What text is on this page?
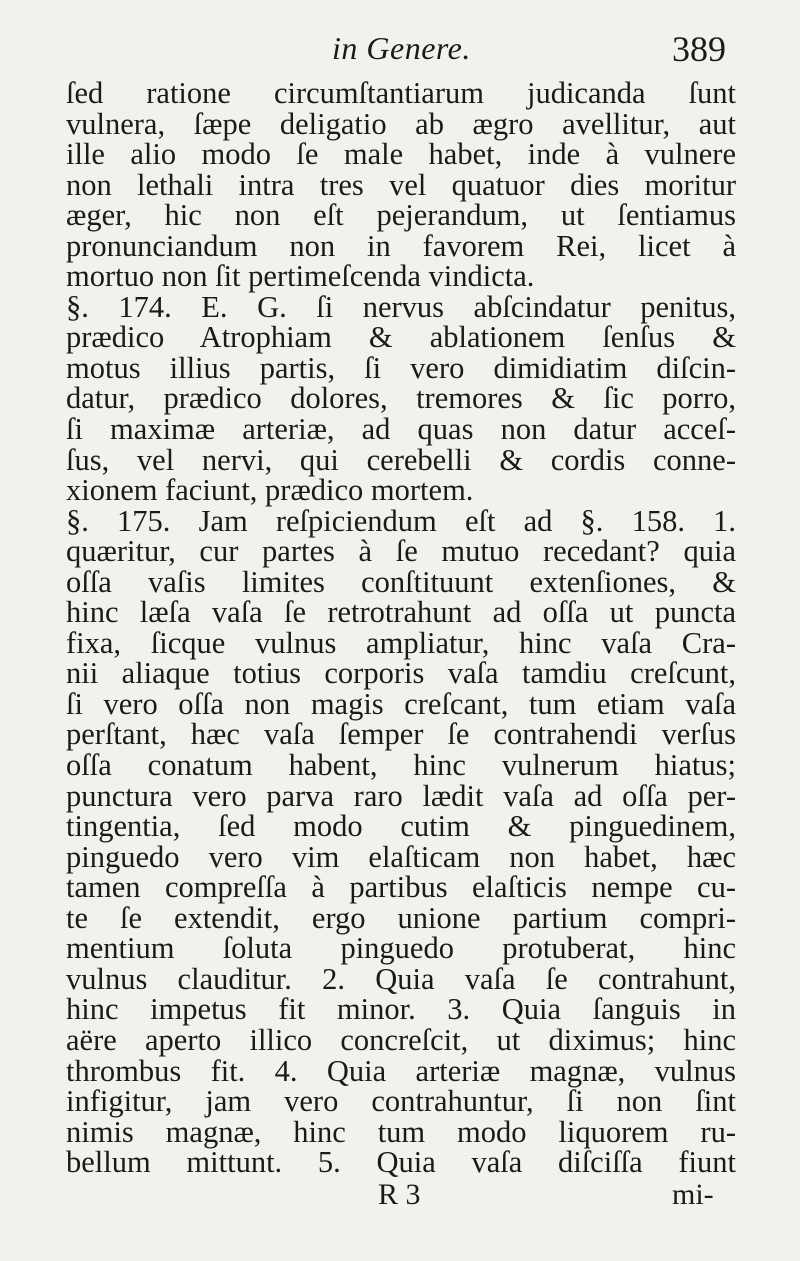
in Genere.	389
ſed ratione circumſtantiarum judicanda ſunt
vulnera, ſæpe deligatio ab ægro avellitur, aut
ille alio modo ſe male habet, inde à vulnere
non lethali intra tres vel quatuor dies moritur
æger, hic non eſt pejerandum, ut ſentiamus
pronunciandum non in favorem Rei, licet à
mortuo non ſit pertimeſcenda vindicta.
§. 174. E. G. ſi nervus abſcindatur penitus,
prædico Atrophiam & ablationem ſenſus &
motus illius partis, ſi vero dimidiatim diſcin-
datur, prædico dolores, tremores & ſic porro,
ſi maximæ arteriæ, ad quas non datur acceſ-
ſus, vel nervi, qui cerebelli & cordis conne-
xionem faciunt, prædico mortem.
§. 175. Jam reſpiciendum eſt ad §. 158. 1.
quæritur, cur partes à ſe mutuo recedant? quia
oſſa vaſis limites conſtituunt extenſiones, &
hinc læſa vaſa ſe retrotrahunt ad oſſa ut puncta
fixa, ſicque vulnus ampliatur, hinc vaſa Cra-
nii aliaque totius corporis vaſa tamdiu creſcunt,
ſi vero oſſa non magis creſcant, tum etiam vaſa
perſtant, hæc vaſa ſemper ſe contrahendi verſus
oſſa conatum habent, hinc vulnerum hiatus;
punctura vero parva raro lædit vaſa ad oſſa per-
tingentia, ſed modo cutim & pinguedinem,
pinguedo vero vim elaſticam non habet, hæc
tamen compreſſa à partibus elaſticis nempe cu-
te ſe extendit, ergo unione partium compri-
mentium ſoluta pinguedo protuberat, hinc
vulnus clauditur. 2. Quia vaſa ſe contrahunt,
hinc impetus fit minor. 3. Quia ſanguis in
aëre aperto illico concreſcit, ut diximus; hinc
thrombus fit. 4. Quia arteriæ magnæ, vulnus
infigitur, jam vero contrahuntur, ſi non ſint
nimis magnæ, hinc tum modo liquorem ru-
bellum mittunt. 5. Quia vaſa diſciſſa fiunt
R 3	mi-
